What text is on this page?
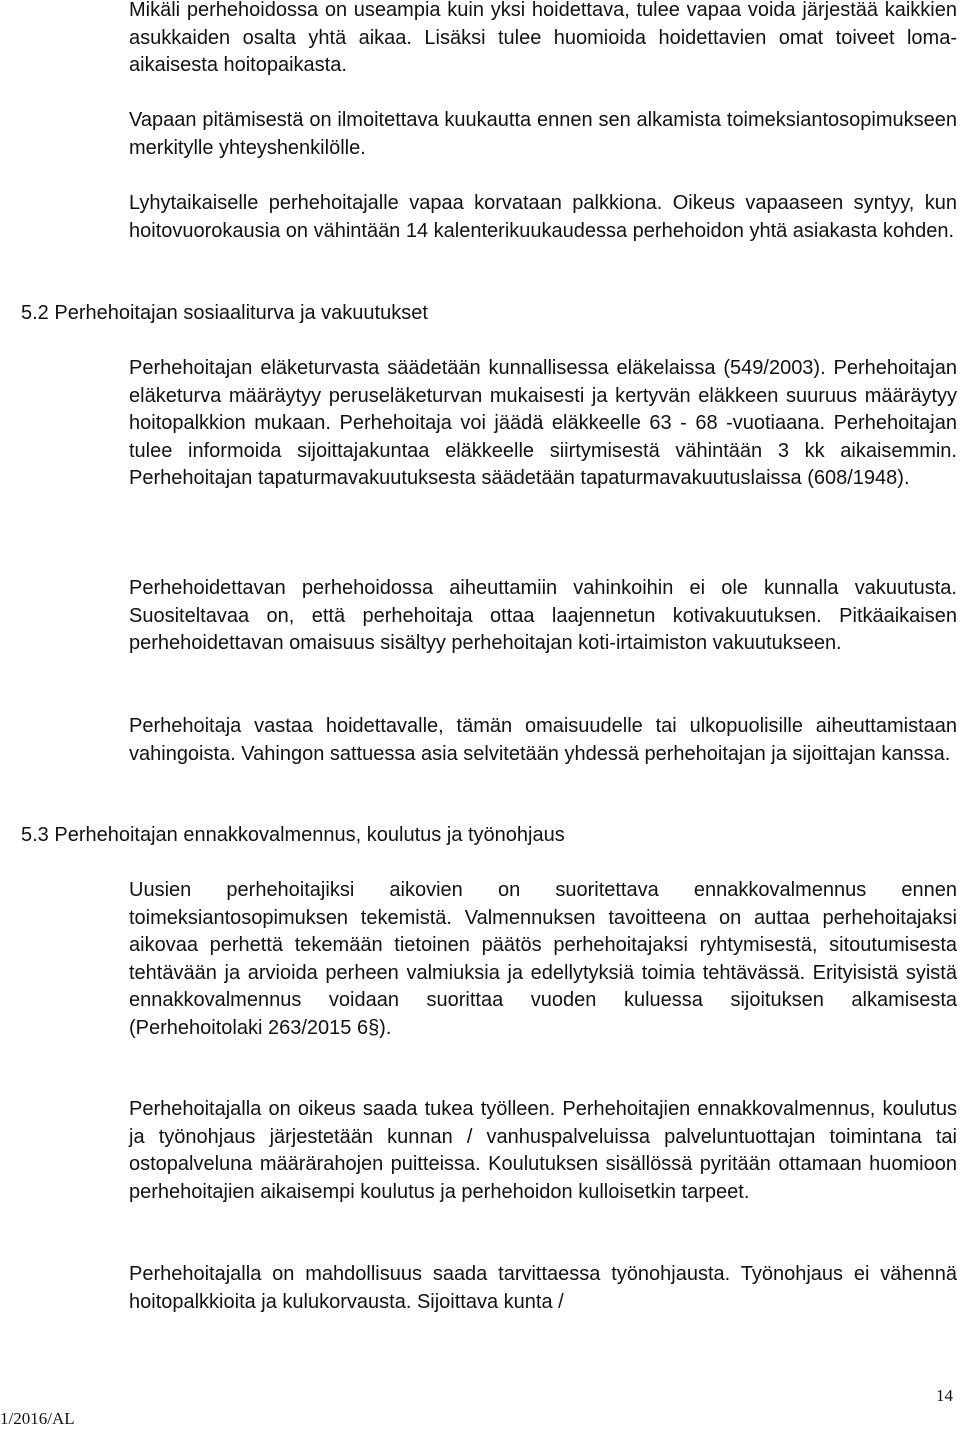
Mikäli perhehoidossa on useampia kuin yksi hoidettava, tulee vapaa voida järjestää kaikkien asukkaiden osalta yhtä aikaa. Lisäksi tulee huomioida hoidettavien omat toiveet loma-aikaisesta hoitopaikasta.

Vapaan pitämisestä on ilmoitettava kuukautta ennen sen alkamista toimeksiantosopimukseen merkitylle yhteyshenkilölle.

Lyhytaikaiselle perhehoitajalle vapaa korvataan palkkiona. Oikeus vapaaseen syntyy, kun hoitovuorokausia on vähintään 14 kalenterikuukaudessa perhehoidon yhtä asiakasta kohden.

5.2 Perhehoitajan sosiaaliturva ja vakuutukset

Perhehoitajan eläketurvasta säädetään kunnallisessa eläkelaissa (549/2003). Perhehoitajan eläketurva määräytyy peruseläketurvan mukaisesti ja kertyvän eläkkeen suuruus määräytyy hoitopalkkion mukaan. Perhehoitaja voi jäädä eläkkeelle 63 - 68 -vuotiaana. Perhehoitajan tulee informoida sijoittajakuntaa eläkkeelle siirtymisestä vähintään 3 kk aikaisemmin. Perhehoitajan tapaturmavakuutuksesta säädetään tapaturmavakuutuslaissa (608/1948).

Perhehoidettavan perhehoidossa aiheuttamiin vahinkoihin ei ole kunnalla vakuutusta. Suositeltavaa on, että perhehoitaja ottaa laajennetun kotivakuutuksen. Pitkäaikaisen perhehoidettavan omaisuus sisältyy perhehoitajan koti-irtaimiston vakuutukseen.

Perhehoitaja vastaa hoidettavalle, tämän omaisuudelle tai ulkopuolisille aiheuttamistaan vahingoista. Vahingon sattuessa asia selvitetään yhdessä perhehoitajan ja sijoittajan kanssa.

5.3 Perhehoitajan ennakkovalmennus, koulutus ja työnohjaus

Uusien perhehoitajiksi aikovien on suoritettava ennakkovalmennus ennen toimeksiantosopimuksen tekemistä. Valmennuksen tavoitteena on auttaa perhehoitajaksi aikovaa perhettä tekemään tietoinen päätös perhehoitajaksi ryhtymisestä, sitoutumisesta tehtävään ja arvioida perheen valmiuksia ja edellytyksiä toimia tehtävässä. Erityisistä syistä ennakkovalmennus voidaan suorittaa vuoden kuluessa sijoituksen alkamisesta (Perhehoitolaki 263/2015 6§).

Perhehoitajalla on oikeus saada tukea työlleen. Perhehoitajien ennakkovalmennus, koulutus ja työnohjaus järjestetään kunnan / vanhuspalveluissa palveluntuottajan toimintana tai ostopalveluna määrärahojen puitteissa. Koulutuksen sisällössä pyritään ottamaan huomioon perhehoitajien aikaisempi koulutus ja perhehoidon kulloisetkin tarpeet.

Perhehoitajalla on mahdollisuus saada tarvittaessa työnohjausta. Työnohjaus ei vähennä hoitopalkkioita ja kulukorvausta. Sijoittava kunta /

1/2016/AL
14
